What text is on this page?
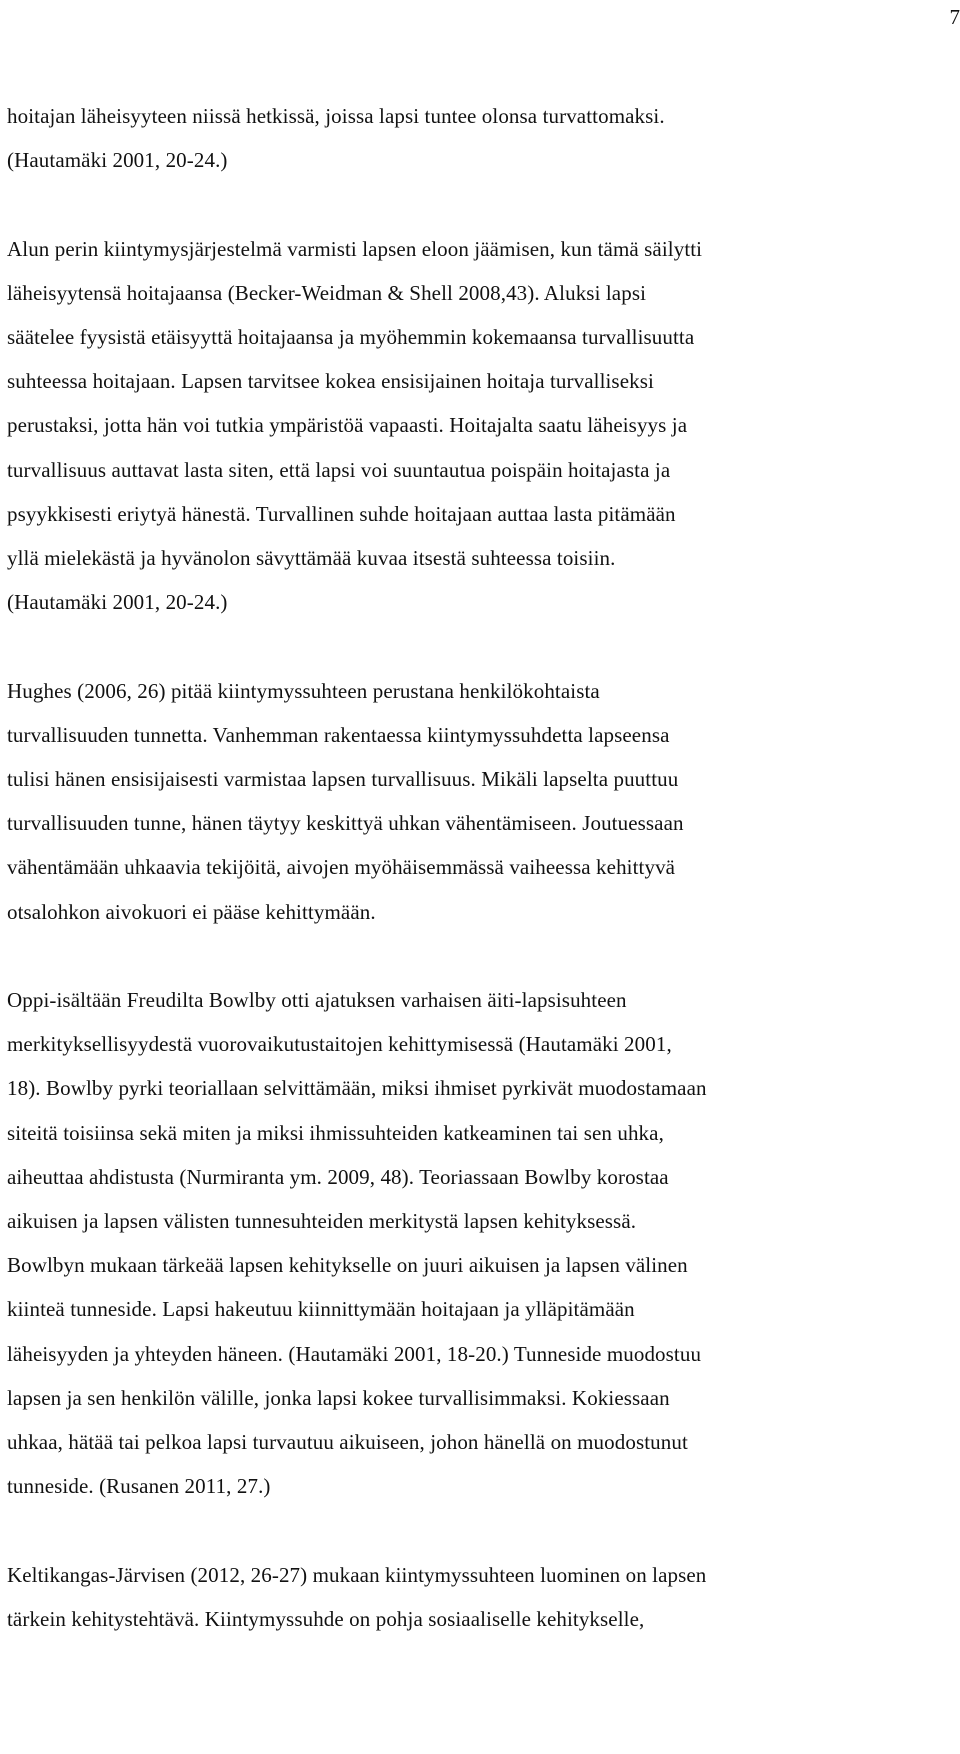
7

hoitajan läheisyyteen niissä hetkissä, joissa lapsi tuntee olonsa turvattomaksi.
(Hautamäki 2001, 20-24.)

Alun perin kiintymysjärjestelmä varmisti lapsen eloon jäämisen, kun tämä säilytti
läheisyytensä hoitajaansa (Becker-Weidman & Shell 2008,43). Aluksi lapsi
säätelee fyysistä etäisyyttä hoitajaansa ja myöhemmin kokemaansa turvallisuutta
suhteessa hoitajaan. Lapsen tarvitsee kokea ensisijainen hoitaja turvalliseksi
perustaksi, jotta hän voi tutkia ympäristöä vapaasti. Hoitajalta saatu läheisyys ja
turvallisuus auttavat lasta siten, että lapsi voi suuntautua poispäin hoitajasta ja
psyykkisesti eriytyä hänestä. Turvallinen suhde hoitajaan auttaa lasta pitämään
yllä mielekästä ja hyvänolon sävyttämää kuvaa itsestä suhteessa toisiin.
(Hautamäki 2001, 20-24.)

Hughes (2006, 26) pitää kiintymyssuhteen perustana henkilökohtaista
turvallisuuden tunnetta. Vanhemman rakentaessa kiintymyssuhdetta lapseensa
tulisi hänen ensisijaisesti varmistaa lapsen turvallisuus. Mikäli lapselta puuttuu
turvallisuuden tunne, hänen täytyy keskittyä uhkan vähentämiseen. Joutuessaan
vähentämään uhkaavia tekijöitä, aivojen myöhäisemmässä vaiheessa kehittyvä
otsalohkon aivokuori ei pääse kehittymään.

Oppi-isältään Freudilta Bowlby otti ajatuksen varhaisen äiti-lapsisuhteen
merkityksellisyydestä vuorovaikutustaitojen kehittymisessä (Hautamäki 2001,
18). Bowlby pyrki teoriallaan selvittämään, miksi ihmiset pyrkivät muodostamaan
siteitä toisiinsa sekä miten ja miksi ihmissuhteiden katkeaminen tai sen uhka,
aiheuttaa ahdistusta (Nurmiranta ym. 2009, 48). Teoriassaan Bowlby korostaa
aikuisen ja lapsen välisten tunnesuhteiden merkitystä lapsen kehityksessä.
Bowlbyn mukaan tärkeää lapsen kehitykselle on juuri aikuisen ja lapsen välinen
kiinteä tunneside. Lapsi hakeutuu kiinnittymään hoitajaan ja ylläpitämään
läheisyyden ja yhteyden häneen. (Hautamäki 2001, 18-20.) Tunneside muodostuu
lapsen ja sen henkilön välille, jonka lapsi kokee turvallisimmaksi. Kokiessaan
uhkaa, hätää tai pelkoa lapsi turvautuu aikuiseen, johon hänellä on muodostunut
tunneside. (Rusanen 2011, 27.)

Keltikangas-Järvisen (2012, 26-27) mukaan kiintymyssuhteen luominen on lapsen
tärkein kehitystehtävä. Kiintymyssuhde on pohja sosiaaliselle kehitykselle,
